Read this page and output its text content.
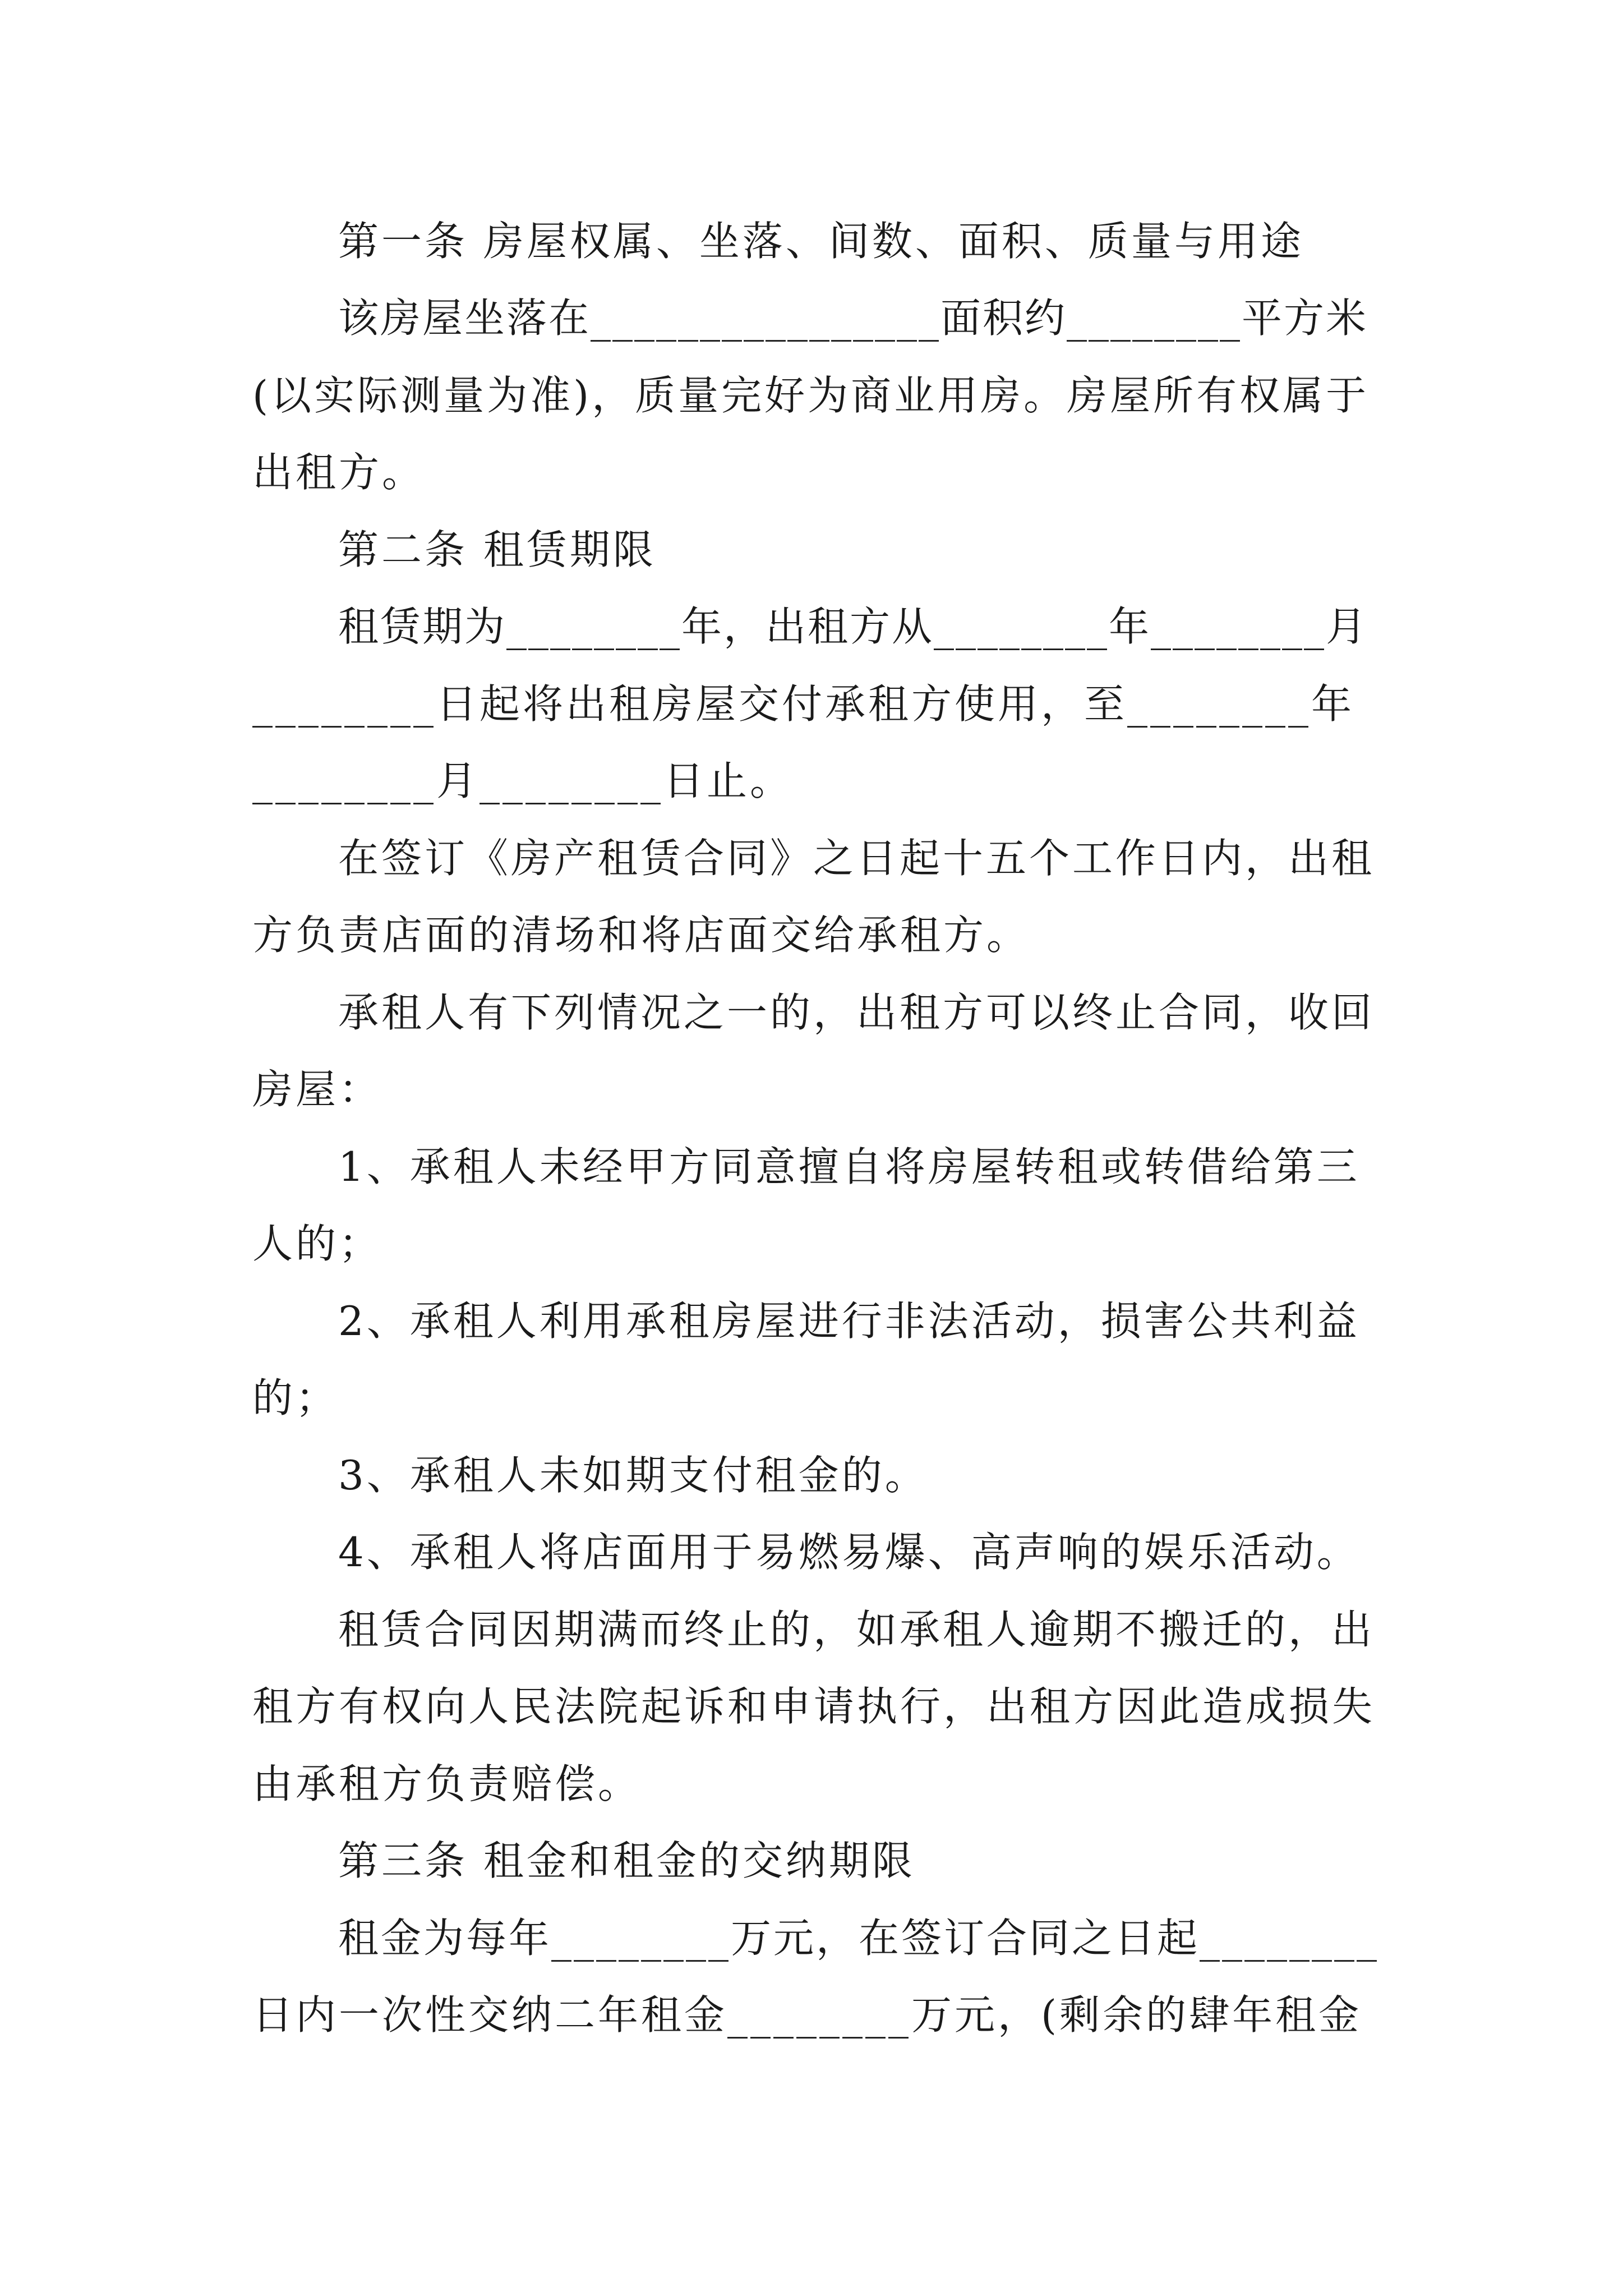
第一条 房屋权属、坐落、间数、面积、质量与用途
该房屋坐落在________________面积约________平方米
(以实际测量为准)，质量完好为商业用房。房屋所有权属于
出租方。
第二条 租赁期限
租赁期为________年，出租方从________年________月
________日起将出租房屋交付承租方使用，至________年
________月________日止。
在签订《房产租赁合同》之日起十五个工作日内，出租
方负责店面的清场和将店面交给承租方。
承租人有下列情况之一的，出租方可以终止合同，收回
房屋：
1、承租人未经甲方同意擅自将房屋转租或转借给第三
人的；
2、承租人利用承租房屋进行非法活动，损害公共利益
的；
3、承租人未如期支付租金的。
4、承租人将店面用于易燃易爆、高声响的娱乐活动。
租赁合同因期满而终止的，如承租人逾期不搬迁的，出
租方有权向人民法院起诉和申请执行，出租方因此造成损失
由承租方负责赔偿。
第三条 租金和租金的交纳期限
租金为每年________万元，在签订合同之日起________
日内一次性交纳二年租金________万元，(剩余的肆年租金
